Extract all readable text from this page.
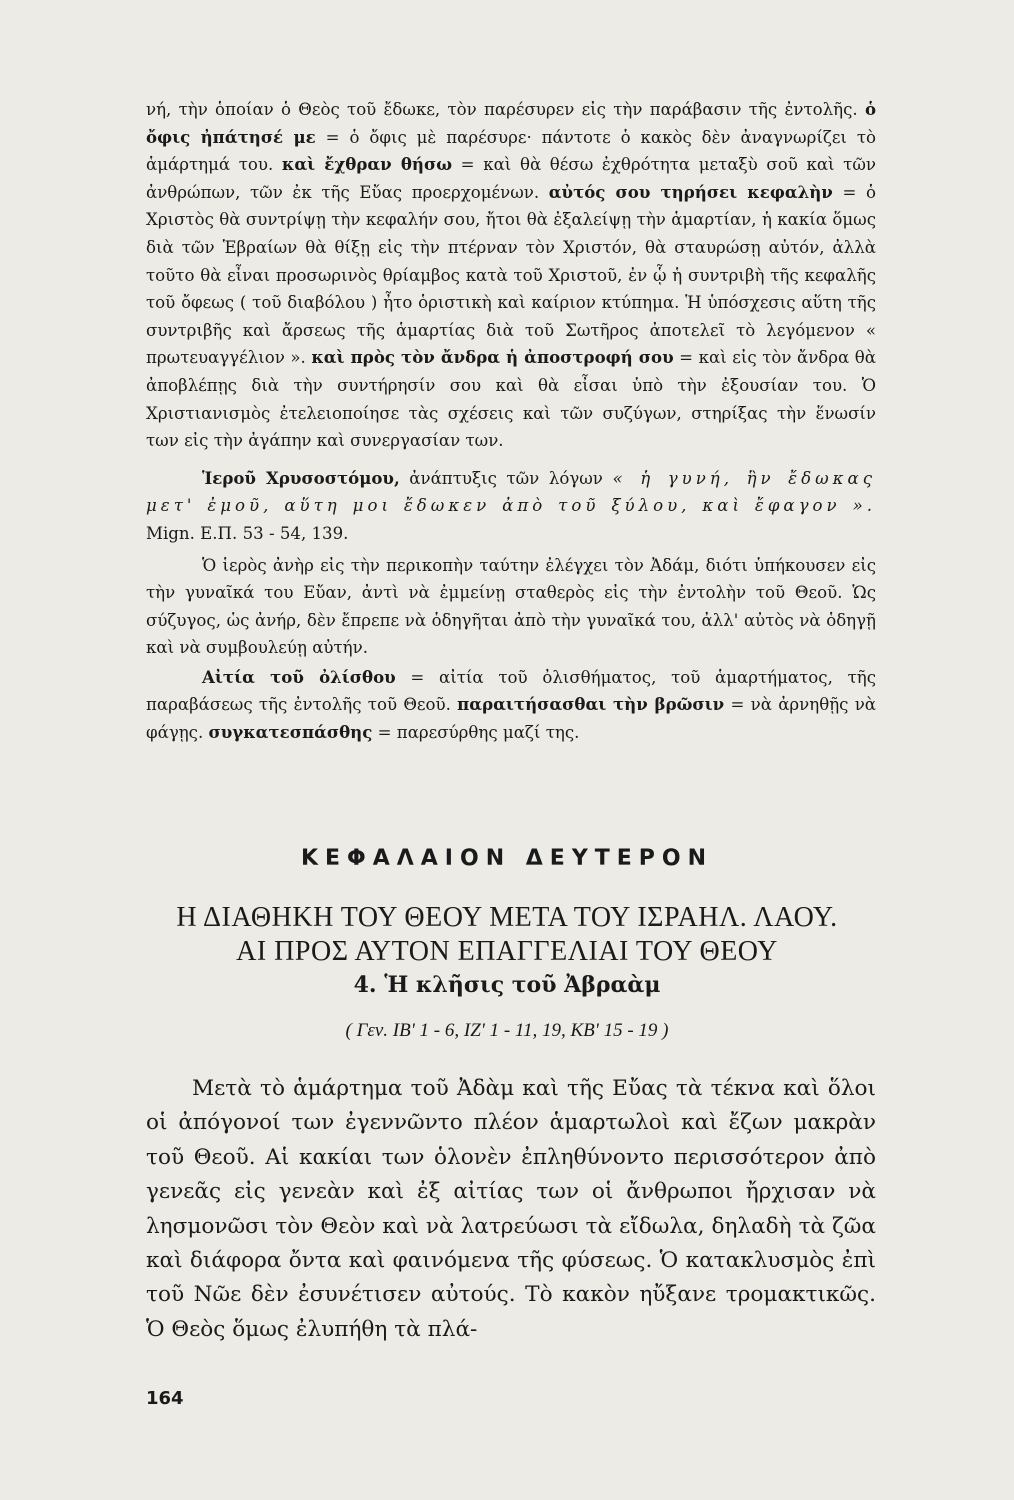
νή, τὴν ὁποίαν ὁ Θεὸς τοῦ ἔδωκε, τὸν παρέσυρεν εἰς τὴν παράβασιν τῆς ἐντολῆς. ὁ ὄφις ἠπάτησέ με = ὁ ὄφις μὲ παρέσυρε· πάντοτε ὁ κακὸς δὲν ἀναγνωρίζει τὸ ἁμάρτημά του. καὶ ἔχθραν θήσω = καὶ θὰ θέσω ἐχθρότητα μεταξὺ σοῦ καὶ τῶν ἀνθρώπων, τῶν ἐκ τῆς Εὔας προερχομένων. αὐτός σου τηρήσει κεφαλὴν = ὁ Χριστὸς θὰ συντρίψῃ τὴν κεφαλήν σου, ἤτοι θὰ ἐξαλείψῃ τὴν ἁμαρτίαν, ἡ κακία ὅμως διὰ τῶν Ἑβραίων θὰ θίξῃ εἰς τὴν πτέρναν τὸν Χριστόν, θὰ σταυρώσῃ αὐτόν, ἀλλὰ τοῦτο θὰ εἶναι προσωρινὸς θρίαμβος κατὰ τοῦ Χριστοῦ, ἐν ᾧ ἡ συντριβὴ τῆς κεφαλῆς τοῦ ὄφεως ( τοῦ διαβόλου ) ἦτο ὁριστικὴ καὶ καίριον κτύπημα. Ἡ ὑπόσχεσις αὕτη τῆς συντριβῆς καὶ ἄρσεως τῆς ἁμαρτίας διὰ τοῦ Σωτῆρος ἀποτελεῖ τὸ λεγόμενον « πρωτευαγγέλιον ». καὶ πρὸς τὸν ἄνδρα ἡ ἀποστροφή σου = καὶ εἰς τὸν ἄνδρα θὰ ἀποβλέπῃς διὰ τὴν συντήρησίν σου καὶ θὰ εἶσαι ὑπὸ τὴν ἐξουσίαν του. Ὁ Χριστιανισμὸς ἐτελειοποίησε τὰς σχέσεις καὶ τῶν συζύγων, στηρίξας τὴν ἕνωσίν των εἰς τὴν ἀγάπην καὶ συνεργασίαν των.

Ἱεροῦ Χρυσοστόμου, ἀνάπτυξις τῶν λόγων « ἡ γυνή, ἣν ἔδωκας μετ' ἐμοῦ, αὕτη μοι ἔδωκεν ἀπὸ τοῦ ξύλου, καὶ ἔφαγον ». Mign. E.Π. 53 - 54, 139.

Ὁ ἱερὸς ἀνὴρ εἰς τὴν περικοπὴν ταύτην ἐλέγχει τὸν Ἀδάμ, διότι ὑπήκουσεν εἰς τὴν γυναῖκά του Εὔαν, ἀντὶ νὰ ἐμμείνῃ σταθερὸς εἰς τὴν ἐντολὴν τοῦ Θεοῦ. Ὡς σύζυγος, ὡς ἀνήρ, δὲν ἔπρεπε νὰ ὁδηγῆται ἀπὸ τὴν γυναῖκά του, ἀλλ' αὐτὸς νὰ ὁδηγῇ καὶ νὰ συμβουλεύῃ αὐτήν.

Αἰτία τοῦ ὀλίσθου = αἰτία τοῦ ὀλισθήματος, τοῦ ἁμαρτήματος, τῆς παραβάσεως τῆς ἐντολῆς τοῦ Θεοῦ. παραιτήσασθαι τὴν βρῶσιν = νὰ ἀρνηθῇς νὰ φάγῃς. συγκατεσπάσθης = παρεσύρθης μαζί της.

ΚΕΦΑΛΑΙΟΝ ΔΕΥΤΕΡΟΝ
Η ΔΙΑΘΗΚΗ ΤΟΥ ΘΕΟΥ ΜΕΤΑ ΤΟΥ ΙΣΡΑΗΛ. ΛΑΟΥ.
ΑΙ ΠΡΟΣ ΑΥΤΟΝ ΕΠΑΓΓΕΛΙΑΙ ΤΟΥ ΘΕΟΥ
4. Ἡ κλῆσις τοῦ Ἀβραὰμ
( Γεν. ΙΒ' 1 - 6, ΙΖ' 1 - 11, 19, ΚΒ' 15 - 19 )

Μετὰ τὸ ἁμάρτημα τοῦ Ἀδὰμ καὶ τῆς Εὔας τὰ τέκνα καὶ ὅλοι οἱ ἀπόγονοί των ἐγεννῶντο πλέον ἁμαρτωλοὶ καὶ ἔζων μακρὰν τοῦ Θεοῦ. Αἱ κακίαι των ὁλονὲν ἐπληθύνοντο περισσότερον ἀπὸ γενεᾶς εἰς γενεὰν καὶ ἐξ αἰτίας των οἱ ἄνθρωποι ἤρχισαν νὰ λησμονῶσι τὸν Θεὸν καὶ νὰ λατρεύωσι τὰ εἴδωλα, δηλαδὴ τὰ ζῶα καὶ διάφορα ὄντα καὶ φαινόμενα τῆς φύσεως. Ὁ κατακλυσμὸς ἐπὶ τοῦ Νῶε δὲν ἐσυνέτισεν αὐτούς. Τὸ κακὸν ηὔξανε τρομακτικῶς. Ὁ Θεὸς ὅμως ἐλυπήθη τὰ πλά-

164
